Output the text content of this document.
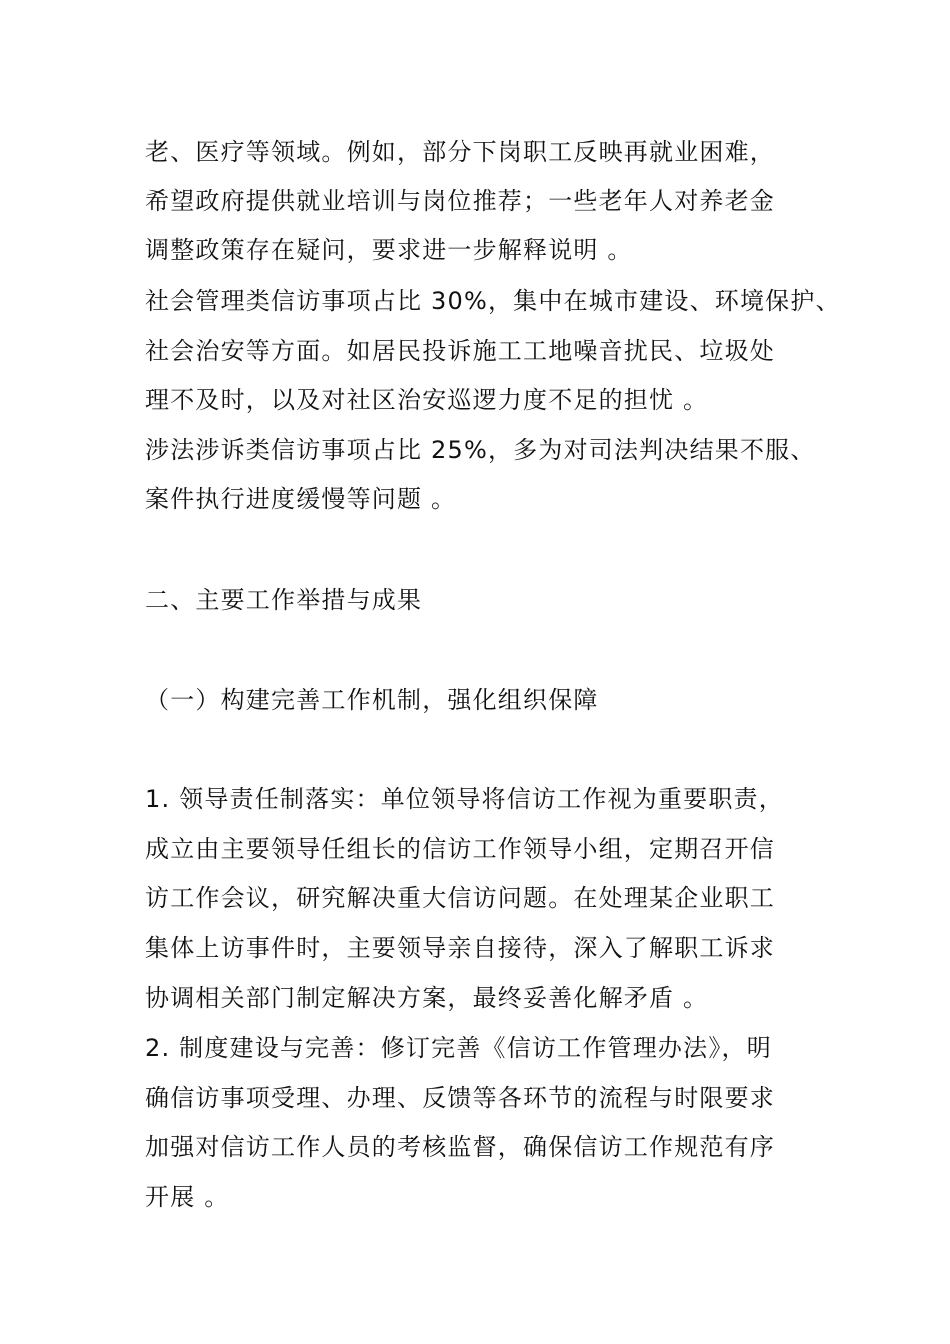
老、医疗等领域。例如，部分下岗职工反映再就业困难，
希望政府提供就业培训与岗位推荐；一些老年人对养老金
调整政策存在疑问，要求进一步解释说明 。
社会管理类信访事项占比 30%，集中在城市建设、环境保护、
社会治安等方面。如居民投诉施工工地噪音扰民、垃圾处
理不及时，以及对社区治安巡逻力度不足的担忧 。
涉法涉诉类信访事项占比 25%，多为对司法判决结果不服、
案件执行进度缓慢等问题 。
二、主要工作举措与成果
（一）构建完善工作机制，强化组织保障
1. 领导责任制落实：单位领导将信访工作视为重要职责，
成立由主要领导任组长的信访工作领导小组，定期召开信
访工作会议，研究解决重大信访问题。在处理某企业职工
集体上访事件时，主要领导亲自接待，深入了解职工诉求
协调相关部门制定解决方案，最终妥善化解矛盾 。
2. 制度建设与完善：修订完善《信访工作管理办法》，明
确信访事项受理、办理、反馈等各环节的流程与时限要求
加强对信访工作人员的考核监督，确保信访工作规范有序
开展 。
